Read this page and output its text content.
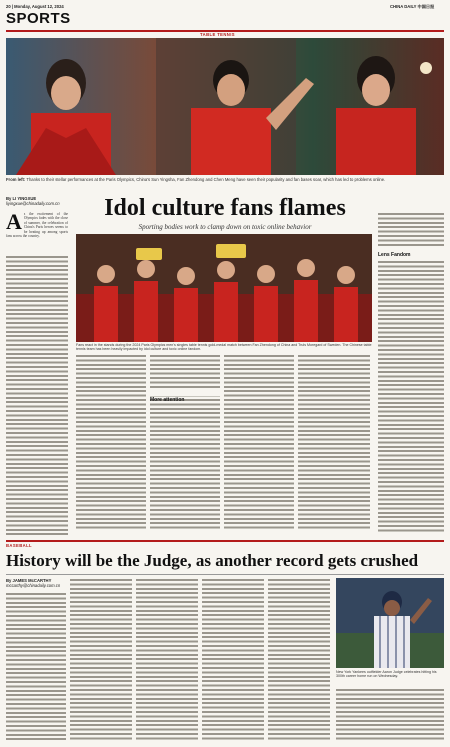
20 | Monday, August 12, 2024	CHINA DAILY 中国日报
SPORTS
TABLE TENNIS
From left: Thanks to their stellar performances at the Paris Olympics, China's Sun Yingsha, Fan Zhendong and Chen Meng have seen their popularity and fan bases soar, which has led to problems online.
By LI YINGXUE
liyingxue@chinadaily.com.cn	Idol culture fans flames
Sporting bodies work to clamp down on toxic online behavior
A s the excitement of the Olympics fades with the close of summer, the celebration of China's Paris heroes seems to be heating up among sports fans across the country.
Fans react in the stands during the 2024 Paris Olympics men's singles table tennis gold-medal match between Fan Zhendong of China and Truls Moregard of Sweden. The Chinese table tennis team has been heavily impacted by idol culture and toxic online fandom.
More attention
Lens Fandom
BASEBALL
History will be the Judge, as another record gets crushed
By JAMES McCARTHY
mccarthy@chinadaily.com.cn
New York Yankees outfielder Aaron Judge celebrates hitting his 300th career home run on Wednesday.
